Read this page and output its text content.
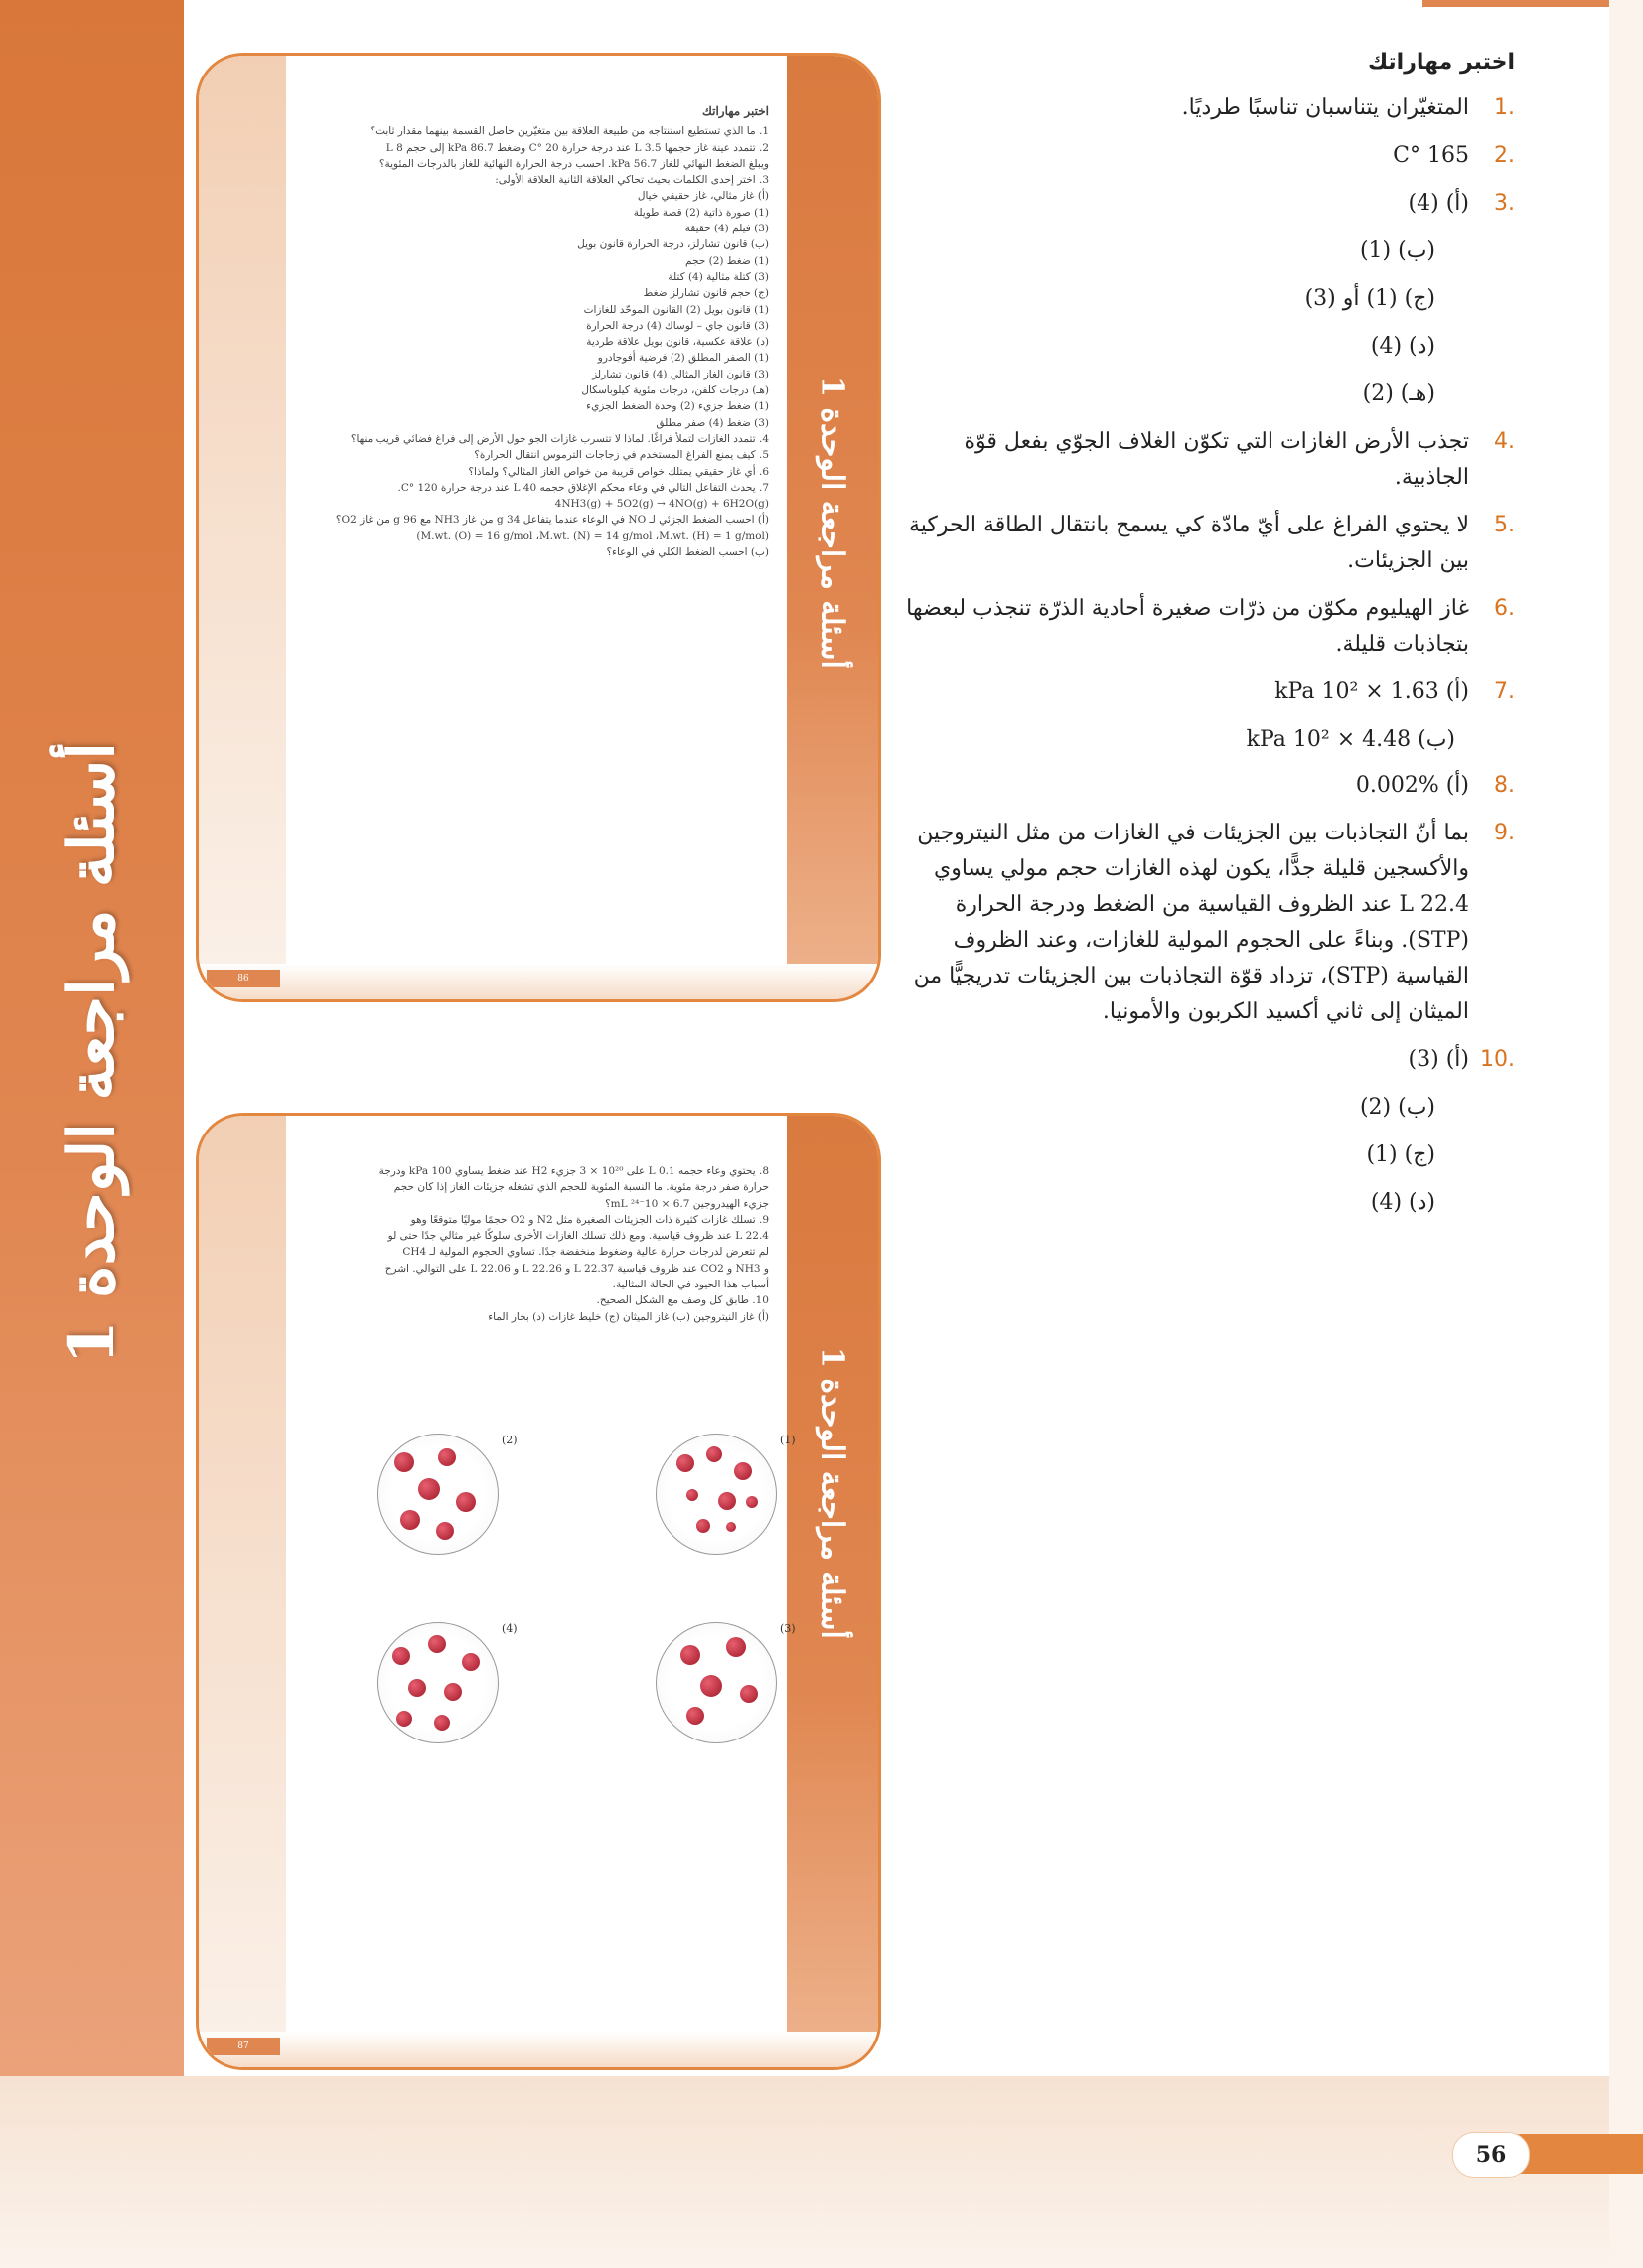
أسئلة مراجعة الوحدة 1
أسئلة مراجعة الوحدة 1
اختبر مهاراتك

1. ما الذي تستطيع استنتاجه من طبيعة العلاقة بين متغيّرين حاصل القسمة بينهما مقدار ثابت؟

2. تتمدد عينة غاز حجمها 3.5 L عند درجة حرارة 20 °C وضغط 86.7 kPa إلى حجم 8 L

ويبلغ الضغط النهائي للغاز 56.7 kPa. احسب درجة الحرارة النهائية للغاز بالدرجات المئوية؟

3. اختر إحدى الكلمات بحيث تحاكي العلاقة الثانية العلاقة الأولى:

(أ) غاز مثالي، غاز حقيقي خيال

(1) صورة ذاتية (2) قصة طويلة

(3) فيلم (4) حقيقة

(ب) قانون تشارلز، درجة الحرارة قانون بويل

(1) ضغط (2) حجم

(3) كتلة مثالية (4) كتلة

(ج) حجم قانون تشارلز ضغط

(1) قانون بويل (2) القانون الموحّد للغازات

(3) قانون جاي – لوساك (4) درجة الحرارة

(د) علاقة عكسية، قانون بويل علاقة طردية

(1) الصفر المطلق (2) فرضية أفوجادرو

(3) قانون الغاز المثالي (4) قانون تشارلز

(هـ) درجات كلفن، درجات مئوية كيلوباسكال

(1) ضغط جزيء (2) وحدة الضغط الجزيء

(3) ضغط (4) صفر مطلق

4. تتمدد الغازات لتملأ فراغًا. لماذا لا تتسرب غازات الجو حول الأرض إلى فراغ فضائي قريب منها؟

5. كيف يمنع الفراغ المستخدم في زجاجات الترموس انتقال الحرارة؟

6. أي غاز حقيقي يمتلك خواص قريبة من خواص الغاز المثالي؟ ولماذا؟

7. يحدث التفاعل التالي في وعاء محكم الإغلاق حجمه 40 L عند درجة حرارة 120 °C.

4NH3(g) + 5O2(g) → 4NO(g) + 6H2O(g)

(أ) احسب الضغط الجزئي لـ NO في الوعاء عندما يتفاعل 34 g من غاز NH3 مع 96 g من غاز O2؟

(M.wt. (O) = 16 g/mol ،M.wt. (N) = 14 g/mol ،M.wt. (H) = 1 g/mol)

(ب) احسب الضغط الكلي في الوعاء؟

86
أسئلة مراجعة الوحدة 1

8. يحتوي وعاء حجمه 0.1 L على 10²⁰ × 3 جزيء H2 عند ضغط يساوي 100 kPa ودرجة

حرارة صفر درجة مئوية. ما النسبة المئوية للحجم الذي تشغله جزيئات الغاز إذا كان حجم

جزيء الهيدروجين 6.7 × 10⁻²⁴ mL؟

9. تسلك غازات كثيرة ذات الجزيئات الصغيرة مثل N2 و O2 حجمًا موليًا متوقعًا وهو

22.4 L عند ظروف قياسية. ومع ذلك تسلك الغازات الأخرى سلوكًا غير مثالي جدًا حتى لو

لم تتعرض لدرجات حرارة عالية وضغوط منخفضة جدًا. تساوي الحجوم المولية لـ CH4

و NH3 و CO2 عند ظروف قياسية 22.37 L و 22.26 L و 22.06 L على التوالي. اشرح

أسباب هذا الحيود في الحالة المثالية.

10. طابق كل وصف مع الشكل الصحيح.

(أ) غاز النيتروجين (ب) غاز الميثان (ج) خليط غازات (د) بخار الماء

(1)
(2)
(3)
(4)
87
اختبر مهاراتك
.1
المتغيّران يتناسبان تناسبًا طرديًا.
.2
165 °C
.3
(أ) (4)
(ب) (1)
(ج) (1) أو (3)
(د) (4)
(هـ) (2)
.4
تجذب الأرض الغازات التي تكوّن الغلاف الجوّي بفعل قوّة الجاذبية.
.5
لا يحتوي الفراغ على أيّ مادّة كي يسمح بانتقال الطاقة الحركية بين الجزيئات.
.6
غاز الهيليوم مكوّن من ذرّات صغيرة أحادية الذرّة تنجذب لبعضها بتجاذبات قليلة.
.7
(أ) 1.63 × 10² kPa
(ب) 4.48 × 10² kPa
.8
(أ) %0.002
.9
بما أنّ التجاذبات بين الجزيئات في الغازات من مثل النيتروجين والأكسجين قليلة جدًّا، يكون لهذه الغازات حجم مولي يساوي 22.4 L عند الظروف القياسية من الضغط ودرجة الحرارة (STP). وبناءً على الحجوم المولية للغازات، وعند الظروف القياسية (STP)، تزداد قوّة التجاذبات بين الجزيئات تدريجيًّا من الميثان إلى ثاني أكسيد الكربون والأمونيا.
.10
(أ) (3)
(ب) (2)
(ج) (1)
(د) (4)
56
